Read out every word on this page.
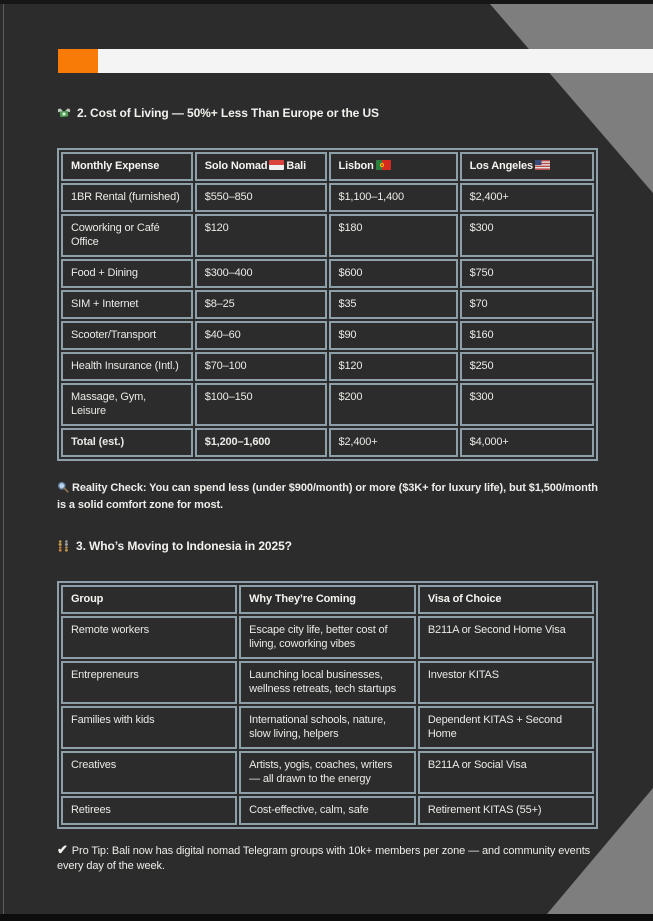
2. Cost of Living — 50%+ Less Than Europe or the US
Monthly Expense	Solo Nomad Bali	Lisbon	Los Angeles
1BR Rental (furnished)	$550–850	$1,100–1,400	$2,400+
Coworking or Café Office	$120	$180	$300
Food + Dining	$300–400	$600	$750
SIM + Internet	$8–25	$35	$70
Scooter/Transport	$40–60	$90	$160
Health Insurance (Intl.)	$70–100	$120	$250
Massage, Gym, Leisure	$100–150	$200	$300
Total (est.)	$1,200–1,600	$2,400+	$4,000+

Reality Check: You can spend less (under $900/month) or more ($3K+ for luxury life), but $1,500/month is a solid comfort zone for most.

3. Who’s Moving to Indonesia in 2025?
Group	Why They’re Coming	Visa of Choice
Remote workers	Escape city life, better cost of living, coworking vibes	B211A or Second Home Visa
Entrepreneurs	Launching local businesses, wellness retreats, tech startups	Investor KITAS
Families with kids	International schools, nature, slow living, helpers	Dependent KITAS + Second Home
Creatives	Artists, yogis, coaches, writers — all drawn to the energy	B211A or Social Visa
Retirees	Cost-effective, calm, safe	Retirement KITAS (55+)

✔ Pro Tip: Bali now has digital nomad Telegram groups with 10k+ members per zone — and community events every day of the week.
